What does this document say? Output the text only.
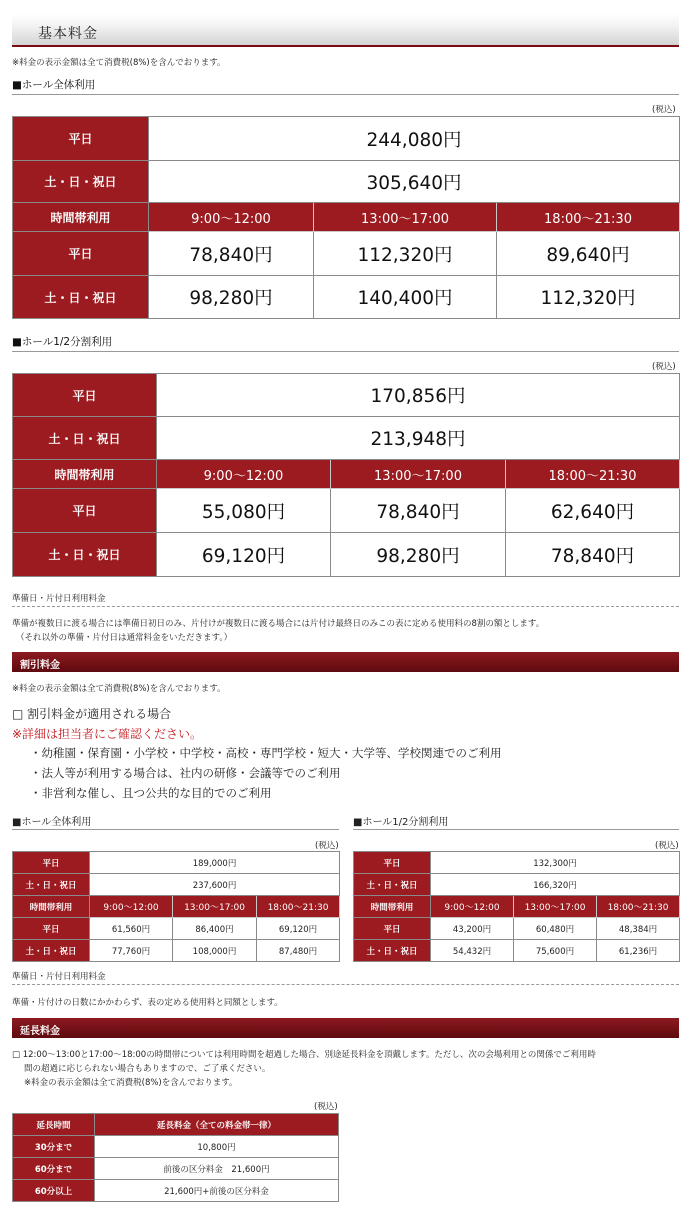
基本料金
※料金の表示金額は全て消費税(8%)を含んでおります。
■ホール全体利用
(税込)
平日	244,080円		
土・日・祝日	305,640円		
時間帯利用	9:00～12:00	13:00～17:00	18:00～21:30
平日	78,840円	112,320円	89,640円
土・日・祝日	98,280円	140,400円	112,320円
■ホール1/2分割利用
(税込)
平日	170,856円		
土・日・祝日	213,948円		
時間帯利用	9:00～12:00	13:00～17:00	18:00～21:30
平日	55,080円	78,840円	62,640円
土・日・祝日	69,120円	98,280円	78,840円
準備日・片付日利用料金
準備が複数日に渡る場合には準備日初日のみ、片付けが複数日に渡る場合には片付け最終日のみこの表に定める使用料の8割の額とします。
（それ以外の準備・片付日は通常料金をいただきます。）
割引料金
※料金の表示金額は全て消費税(8%)を含んでおります。
□ 割引料金が適用される場合
※詳細は担当者にご確認ください。
・幼稚園・保育園・小学校・中学校・高校・専門学校・短大・大学等、学校関連でのご利用
・法人等が利用する場合は、社内の研修・会議等でのご利用
・非営利な催し、且つ公共的な目的でのご利用
■ホール全体利用
(税込)
平日	189,000円		
土・日・祝日	237,600円		
時間帯利用	9:00～12:00	13:00～17:00	18:00～21:30
平日	61,560円	86,400円	69,120円
土・日・祝日	77,760円	108,000円	87,480円
■ホール1/2分割利用
(税込)
平日	132,300円		
土・日・祝日	166,320円		
時間帯利用	9:00～12:00	13:00～17:00	18:00～21:30
平日	43,200円	60,480円	48,384円
土・日・祝日	54,432円	75,600円	61,236円
準備日・片付日利用料金
準備・片付けの日数にかかわらず、表の定める使用料と同額とします。
延長料金
□ 12:00～13:00と17:00～18:00の時間帯については利用時間を超過した場合、別途延長料金を頂戴します。ただし、次の会場利用との関係でご利用時
間の超過に応じられない場合もありますので、ご了承ください。
※料金の表示金額は全て消費税(8%)を含んでおります。
(税込)
延長時間	延長料金（全ての料金帯一律）
30分まで	10,800円
60分まで	前後の区分料金　21,600円
60分以上	21,600円+前後の区分料金
